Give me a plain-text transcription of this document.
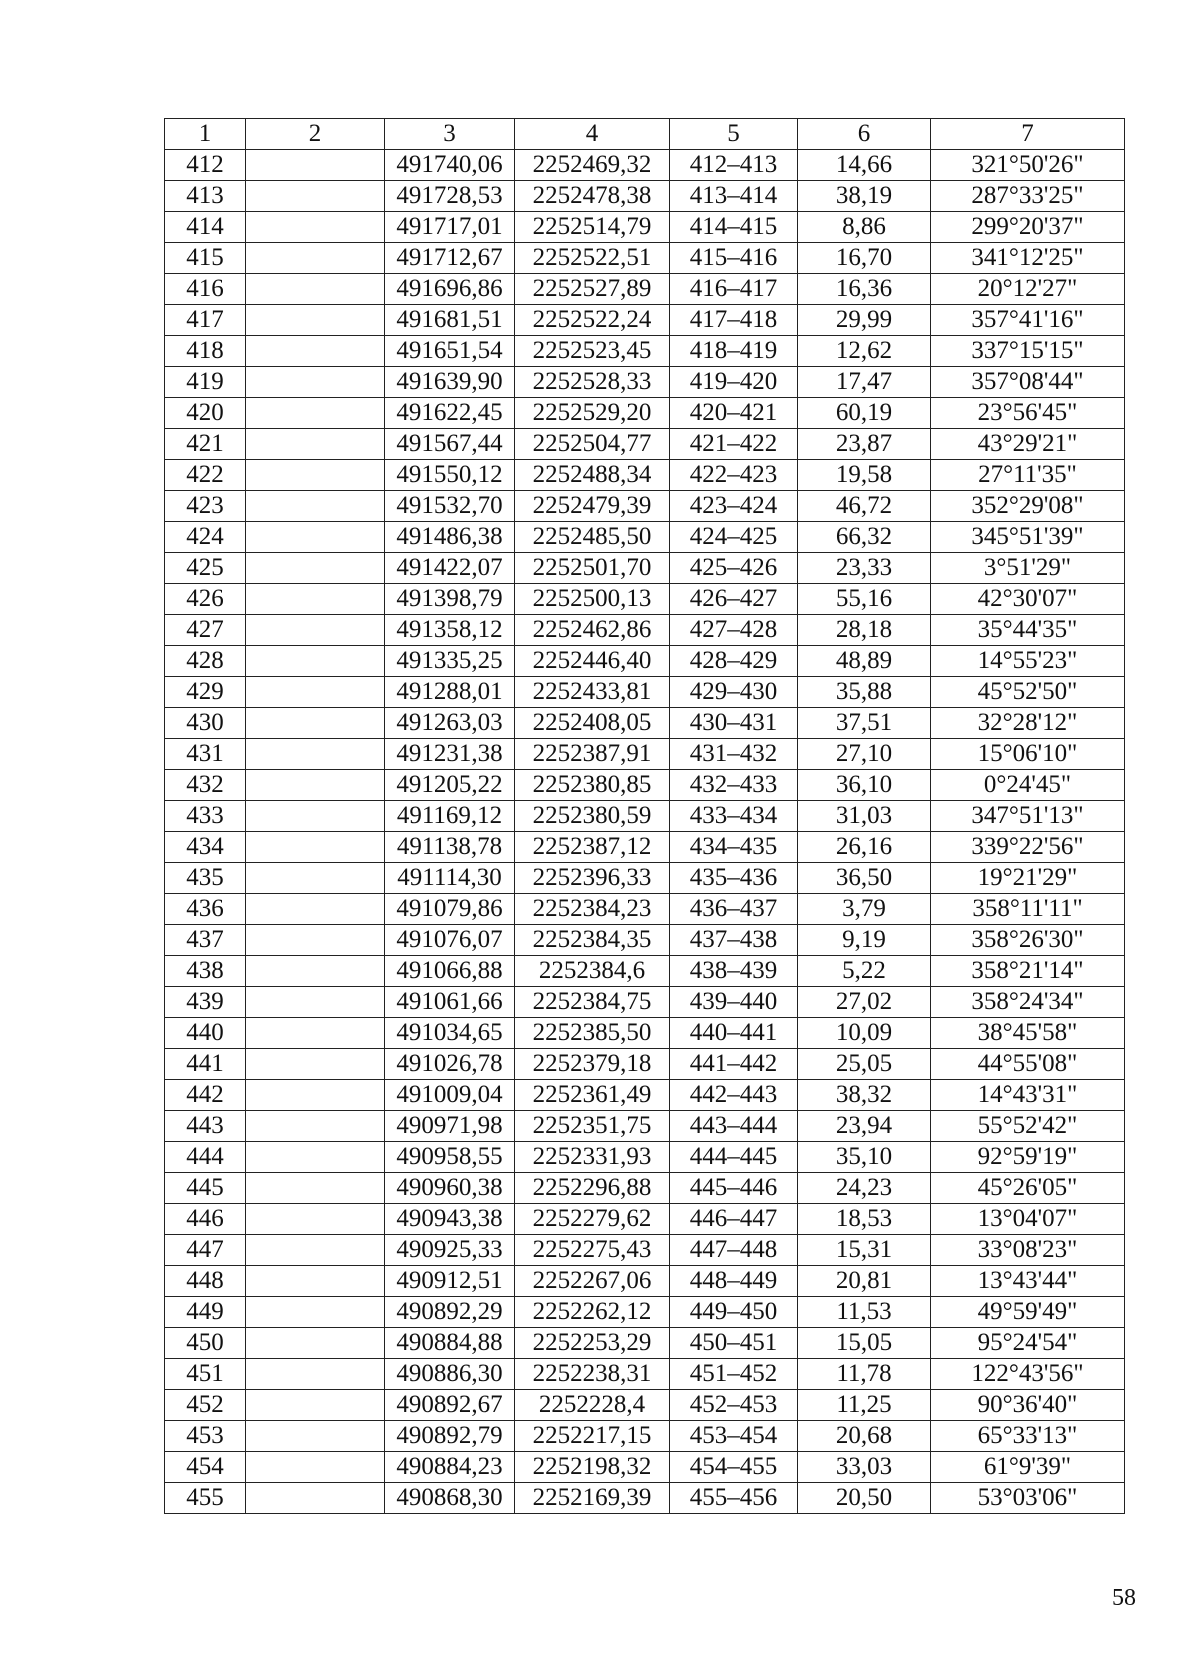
1	2	3	4	5	6	7
412		491740,06	2252469,32	412–413	14,66	321°50'26"
413		491728,53	2252478,38	413–414	38,19	287°33'25"
414		491717,01	2252514,79	414–415	8,86	299°20'37"
415		491712,67	2252522,51	415–416	16,70	341°12'25"
416		491696,86	2252527,89	416–417	16,36	20°12'27"
417		491681,51	2252522,24	417–418	29,99	357°41'16"
418		491651,54	2252523,45	418–419	12,62	337°15'15"
419		491639,90	2252528,33	419–420	17,47	357°08'44"
420		491622,45	2252529,20	420–421	60,19	23°56'45"
421		491567,44	2252504,77	421–422	23,87	43°29'21"
422		491550,12	2252488,34	422–423	19,58	27°11'35"
423		491532,70	2252479,39	423–424	46,72	352°29'08"
424		491486,38	2252485,50	424–425	66,32	345°51'39"
425		491422,07	2252501,70	425–426	23,33	3°51'29"
426		491398,79	2252500,13	426–427	55,16	42°30'07"
427		491358,12	2252462,86	427–428	28,18	35°44'35"
428		491335,25	2252446,40	428–429	48,89	14°55'23"
429		491288,01	2252433,81	429–430	35,88	45°52'50"
430		491263,03	2252408,05	430–431	37,51	32°28'12"
431		491231,38	2252387,91	431–432	27,10	15°06'10"
432		491205,22	2252380,85	432–433	36,10	0°24'45"
433		491169,12	2252380,59	433–434	31,03	347°51'13"
434		491138,78	2252387,12	434–435	26,16	339°22'56"
435		491114,30	2252396,33	435–436	36,50	19°21'29"
436		491079,86	2252384,23	436–437	3,79	358°11'11"
437		491076,07	2252384,35	437–438	9,19	358°26'30"
438		491066,88	2252384,6	438–439	5,22	358°21'14"
439		491061,66	2252384,75	439–440	27,02	358°24'34"
440		491034,65	2252385,50	440–441	10,09	38°45'58"
441		491026,78	2252379,18	441–442	25,05	44°55'08"
442		491009,04	2252361,49	442–443	38,32	14°43'31"
443		490971,98	2252351,75	443–444	23,94	55°52'42"
444		490958,55	2252331,93	444–445	35,10	92°59'19"
445		490960,38	2252296,88	445–446	24,23	45°26'05"
446		490943,38	2252279,62	446–447	18,53	13°04'07"
447		490925,33	2252275,43	447–448	15,31	33°08'23"
448		490912,51	2252267,06	448–449	20,81	13°43'44"
449		490892,29	2252262,12	449–450	11,53	49°59'49"
450		490884,88	2252253,29	450–451	15,05	95°24'54"
451		490886,30	2252238,31	451–452	11,78	122°43'56"
452		490892,67	2252228,4	452–453	11,25	90°36'40"
453		490892,79	2252217,15	453–454	20,68	65°33'13"
454		490884,23	2252198,32	454–455	33,03	61°9'39"
455		490868,30	2252169,39	455–456	20,50	53°03'06"
58
